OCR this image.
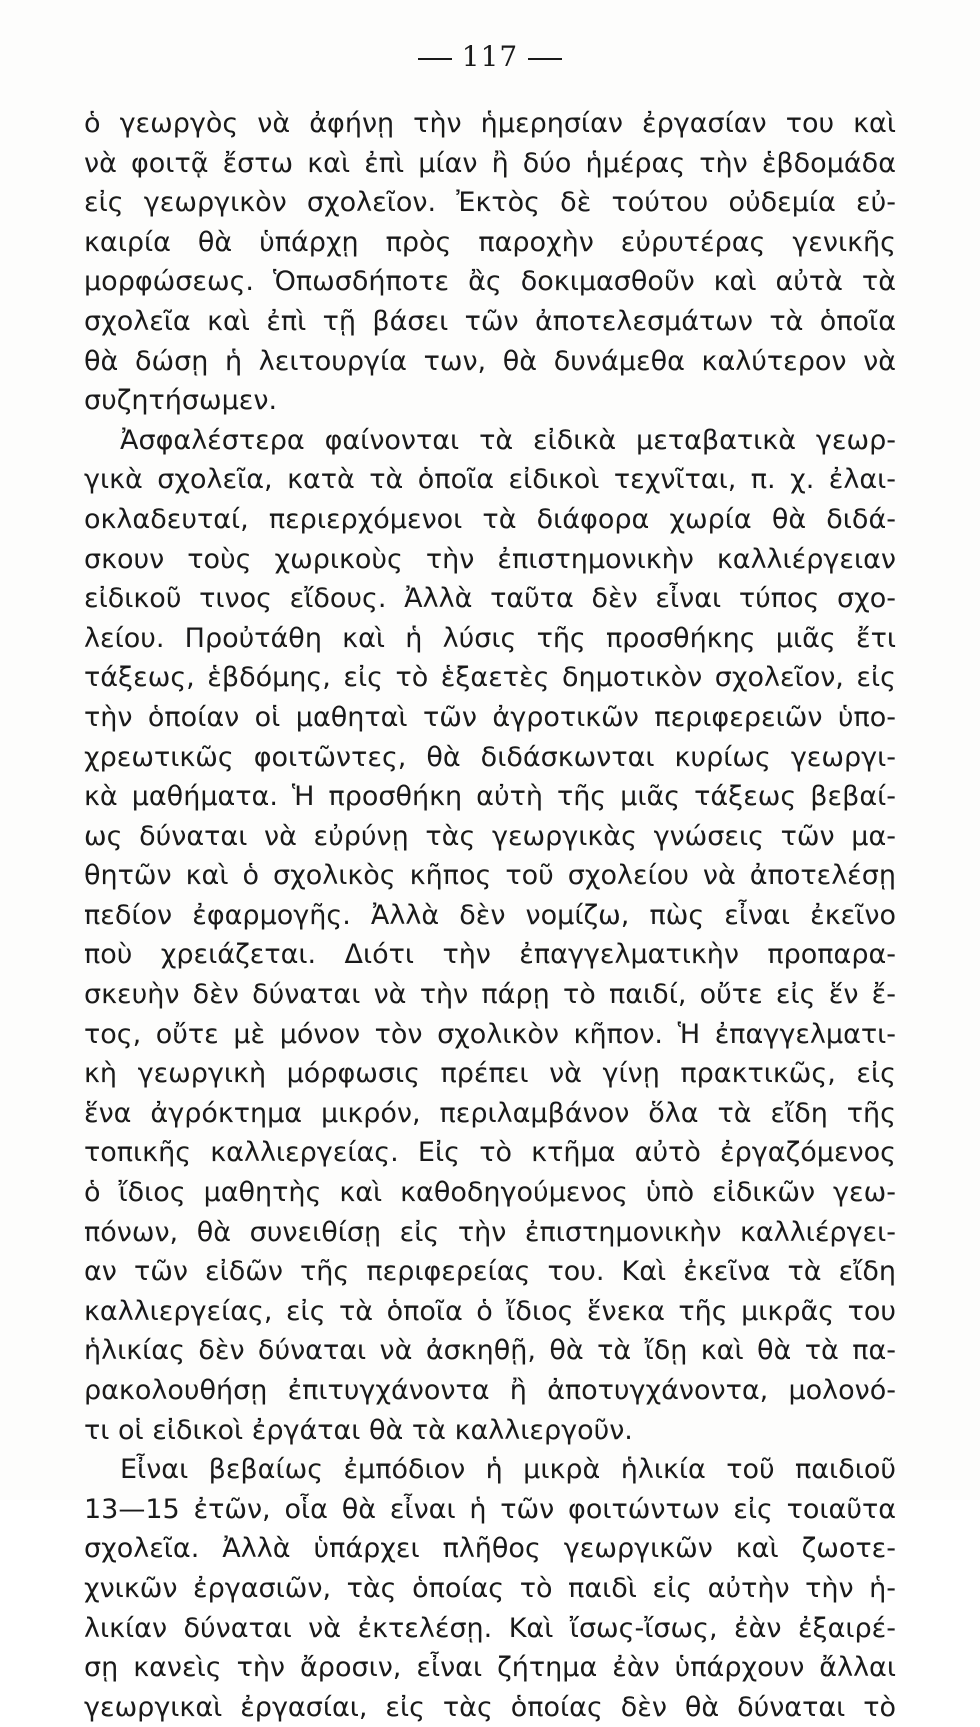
117
ὁ γεωργὸς νὰ ἀφήνῃ τὴν ἡμερησίαν ἐργασίαν του καὶ
νὰ φοιτᾷ ἔστω καὶ ἐπὶ μίαν ἢ δύο ἡμέρας τὴν ἑβδομάδα
εἰς γεωργικὸν σχολεῖον. Ἐκτὸς δὲ τούτου οὐδεμία εὐ-
καιρία θὰ ὑπάρχῃ πρὸς παροχὴν εὐρυτέρας γενικῆς
μορφώσεως. Ὁπωσδήποτε ἂς δοκιμασθοῦν καὶ αὐτὰ τὰ
σχολεῖα καὶ ἐπὶ τῇ βάσει τῶν ἀποτελεσμάτων τὰ ὁποῖα
θὰ δώσῃ ἡ λειτουργία των, θὰ δυνάμεθα καλύτερον νὰ
συζητήσωμεν.
Ἀσφαλέστερα φαίνονται τὰ εἰδικὰ μεταβατικὰ γεωρ-
γικὰ σχολεῖα, κατὰ τὰ ὁποῖα εἰδικοὶ τεχνῖται, π. χ. ἐλαι-
οκλαδευταί, περιερχόμενοι τὰ διάφορα χωρία θὰ διδά-
σκουν τοὺς χωρικοὺς τὴν ἐπιστημονικὴν καλλιέργειαν
εἰδικοῦ τινος εἴδους. Ἀλλὰ ταῦτα δὲν εἶναι τύπος σχο-
λείου. Προὐτάθη καὶ ἡ λύσις τῆς προσθήκης μιᾶς ἔτι
τάξεως, ἑβδόμης, εἰς τὸ ἑξαετὲς δημοτικὸν σχολεῖον, εἰς
τὴν ὁποίαν οἱ μαθηταὶ τῶν ἀγροτικῶν περιφερειῶν ὑπο-
χρεωτικῶς φοιτῶντες, θὰ διδάσκωνται κυρίως γεωργι-
κὰ μαθήματα. Ἡ προσθήκη αὐτὴ τῆς μιᾶς τάξεως βεβαί-
ως δύναται νὰ εὐρύνῃ τὰς γεωργικὰς γνώσεις τῶν μα-
θητῶν καὶ ὁ σχολικὸς κῆπος τοῦ σχολείου νὰ ἀποτελέσῃ
πεδίον ἐφαρμογῆς. Ἀλλὰ δὲν νομίζω, πὼς εἶναι ἐκεῖνο
ποὺ χρειάζεται. Διότι τὴν ἐπαγγελματικὴν προπαρα-
σκευὴν δὲν δύναται νὰ τὴν πάρῃ τὸ παιδί, οὔτε εἰς ἕν ἔ-
τος, οὔτε μὲ μόνον τὸν σχολικὸν κῆπον. Ἡ ἐπαγγελματι-
κὴ γεωργικὴ μόρφωσις πρέπει νὰ γίνῃ πρακτικῶς, εἰς
ἕνα ἀγρόκτημα μικρόν, περιλαμβάνον ὅλα τὰ εἴδη τῆς
τοπικῆς καλλιεργείας. Εἰς τὸ κτῆμα αὐτὸ ἐργαζόμενος
ὁ ἴδιος μαθητὴς καὶ καθοδηγούμενος ὑπὸ εἰδικῶν γεω-
πόνων, θὰ συνειθίσῃ εἰς τὴν ἐπιστημονικὴν καλλιέργει-
αν τῶν εἰδῶν τῆς περιφερείας του. Καὶ ἐκεῖνα τὰ εἴδη
καλλιεργείας, εἰς τὰ ὁποῖα ὁ ἴδιος ἕνεκα τῆς μικρᾶς του
ἡλικίας δὲν δύναται νὰ ἀσκηθῇ, θὰ τὰ ἴδῃ καὶ θὰ τὰ πα-
ρακολουθήσῃ ἐπιτυγχάνοντα ἢ ἀποτυγχάνοντα, μολονό-
τι οἱ εἰδικοὶ ἐργάται θὰ τὰ καλλιεργοῦν.
Εἶναι βεβαίως ἐμπόδιον ἡ μικρὰ ἡλικία τοῦ παιδιοῦ
13—15 ἐτῶν, οἷα θὰ εἶναι ἡ τῶν φοιτώντων εἰς τοιαῦτα
σχολεῖα. Ἀλλὰ ὑπάρχει πλῆθος γεωργικῶν καὶ ζωοτε-
χνικῶν ἐργασιῶν, τὰς ὁποίας τὸ παιδὶ εἰς αὐτὴν τὴν ἡ-
λικίαν δύναται νὰ ἐκτελέσῃ. Καὶ ἴσως-ἴσως, ἐὰν ἐξαιρέ-
σῃ κανεὶς τὴν ἄροσιν, εἶναι ζήτημα ἐὰν ὑπάρχουν ἄλλαι
γεωργικαὶ ἐργασίαι, εἰς τὰς ὁποίας δὲν θὰ δύναται τὸ
